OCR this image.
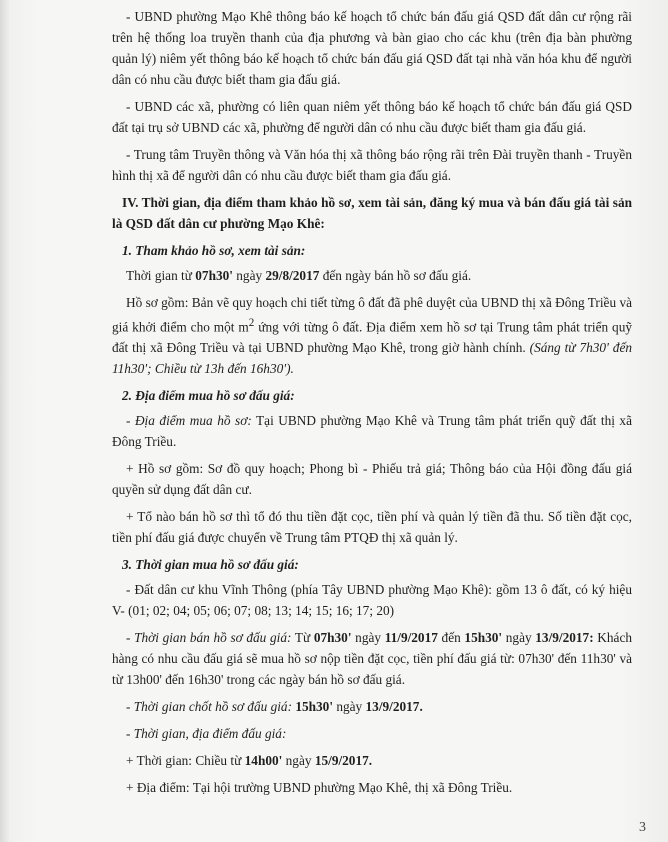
- UBND phường Mạo Khê thông báo kế hoạch tổ chức bán đấu giá QSD đất dân cư rộng rãi trên hệ thống loa truyền thanh của địa phương và bàn giao cho các khu (trên địa bàn phường quản lý) niêm yết thông báo kế hoạch tổ chức bán đấu giá QSD đất tại nhà văn hóa khu để người dân có nhu cầu được biết tham gia đấu giá.

- UBND các xã, phường có liên quan niêm yết thông báo kế hoạch tổ chức bán đấu giá QSD đất tại trụ sở UBND các xã, phường để người dân có nhu cầu được biết tham gia đấu giá.

- Trung tâm Truyền thông và Văn hóa thị xã thông báo rộng rãi trên Đài truyền thanh - Truyền hình thị xã để người dân có nhu cầu được biết tham gia đấu giá.

IV. Thời gian, địa điểm tham khảo hồ sơ, xem tài sản, đăng ký mua và bán đấu giá tài sản là QSD đất dân cư phường Mạo Khê:

1. Tham khảo hồ sơ, xem tài sản:

Thời gian từ 07h30' ngày 29/8/2017 đến ngày bán hồ sơ đấu giá.

Hồ sơ gồm: Bản vẽ quy hoạch chi tiết từng ô đất đã phê duyệt của UBND thị xã Đông Triều và giá khởi điểm cho một $m^2$ ứng với từng ô đất. Địa điểm xem hồ sơ tại Trung tâm phát triển quỹ đất thị xã Đông Triều và tại UBND phường Mạo Khê, trong giờ hành chính. (Sáng từ 7h30' đến 11h30'; Chiều từ 13h đến 16h30').

2. Địa điểm mua hồ sơ đấu giá:

- Địa điểm mua hồ sơ: Tại UBND phường Mạo Khê và Trung tâm phát triển quỹ đất thị xã Đông Triều.

+ Hồ sơ gồm: Sơ đồ quy hoạch; Phong bì - Phiếu trả giá; Thông báo của Hội đồng đấu giá quyền sử dụng đất dân cư.

+ Tổ nào bán hồ sơ thì tổ đó thu tiền đặt cọc, tiền phí và quản lý tiền đã thu. Số tiền đặt cọc, tiền phí đấu giá được chuyển về Trung tâm PTQĐ thị xã quản lý.

3. Thời gian mua hồ sơ đấu giá:

- Đất dân cư khu Vĩnh Thông (phía Tây UBND phường Mạo Khê): gồm 13 ô đất, có ký hiệu V- (01; 02; 04; 05; 06; 07; 08; 13; 14; 15; 16; 17; 20)

- Thời gian bán hồ sơ đấu giá: Từ 07h30' ngày 11/9/2017 đến 15h30' ngày 13/9/2017: Khách hàng có nhu cầu đấu giá sẽ mua hồ sơ nộp tiền đặt cọc, tiền phí đấu giá từ: 07h30' đến 11h30' và từ 13h00' đến 16h30' trong các ngày bán hồ sơ đấu giá.

- Thời gian chốt hồ sơ đấu giá: 15h30' ngày 13/9/2017.

- Thời gian, địa điểm đấu giá:

+ Thời gian: Chiều từ 14h00' ngày 15/9/2017.

+ Địa điểm: Tại hội trường UBND phường Mạo Khê, thị xã Đông Triều.

3
